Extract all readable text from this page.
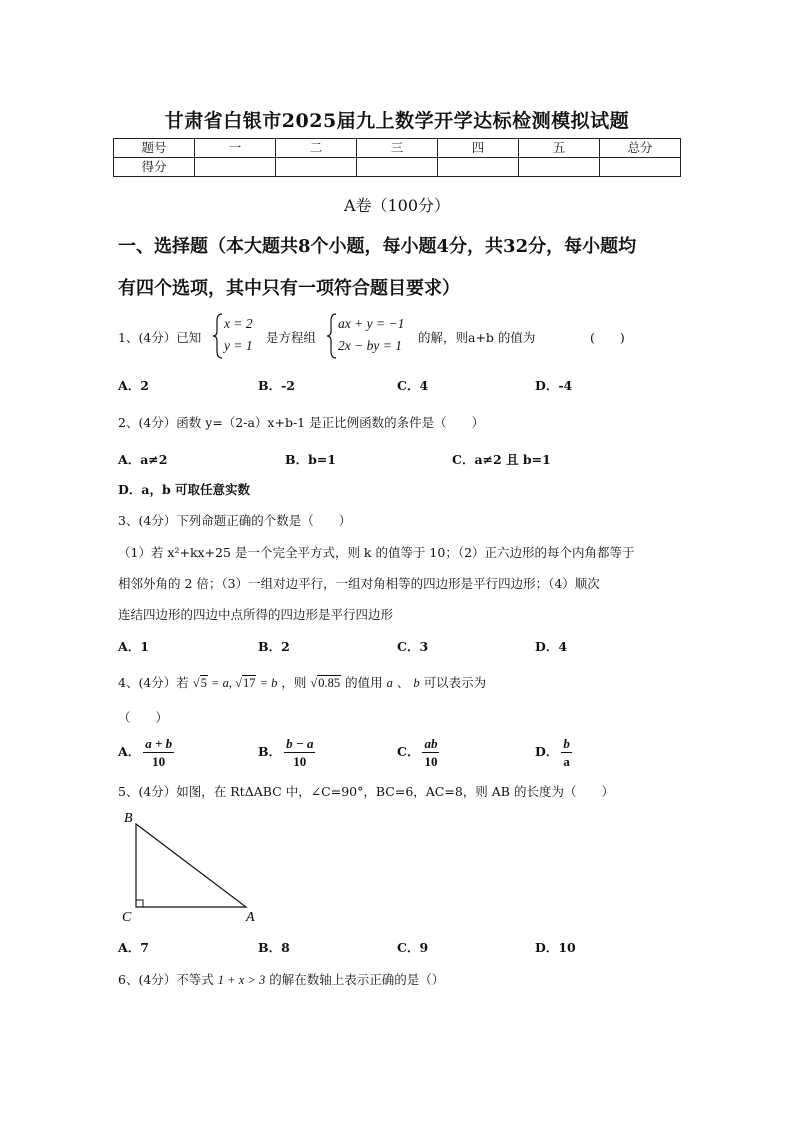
甘肃省白银市2025届九上数学开学达标检测模拟试题
题号	一	二	三	四	五	总分
得分						
A卷（100分）
一、选择题（本大题共8个小题，每小题4分，共32分，每小题均
有四个选项，其中只有一项符合题目要求）
1、(4分）已知
x = 2
y = 1
是方程组
ax + y = −1
2x − by = 1
的解，则a+b 的值为	(　　)
A．2	B．-2	C．4	D．-4
2、(4分）函数 y=（2-a）x+b-1 是正比例函数的条件是（　　）
A．a≠2	B．b=1	C．a≠2 且 b=1
D．a，b 可取任意实数
3、(4分）下列命题正确的个数是（　　）
（1）若 x²+kx+25 是一个完全平方式，则 k 的值等于 10；（2）正六边形的每个内角都等于
相邻外角的 2 倍；（3）一组对边平行，一组对角相等的四边形是平行四边形；（4）顺次
连结四边形的四边中点所得的四边形是平行四边形
A．1	B．2	C．3	D．4
4、(4分）若 √5 = a, √17 = b ，则 √0.85 的值用 a 、 b 可以表示为
（　　）
A． $\frac{a + b}{10}$	B． $\frac{b - a}{10}$	C． $\frac{ab}{10}$	D． $\frac{b}{a}$
5、(4分）如图，在 RtΔABC 中，∠C=90°，BC=6，AC=8，则 AB 的长度为（　　）
B
C	A
A．7	B．8	C．9	D．10
6、(4分）不等式 1 + x > 3 的解在数轴上表示正确的是（）
